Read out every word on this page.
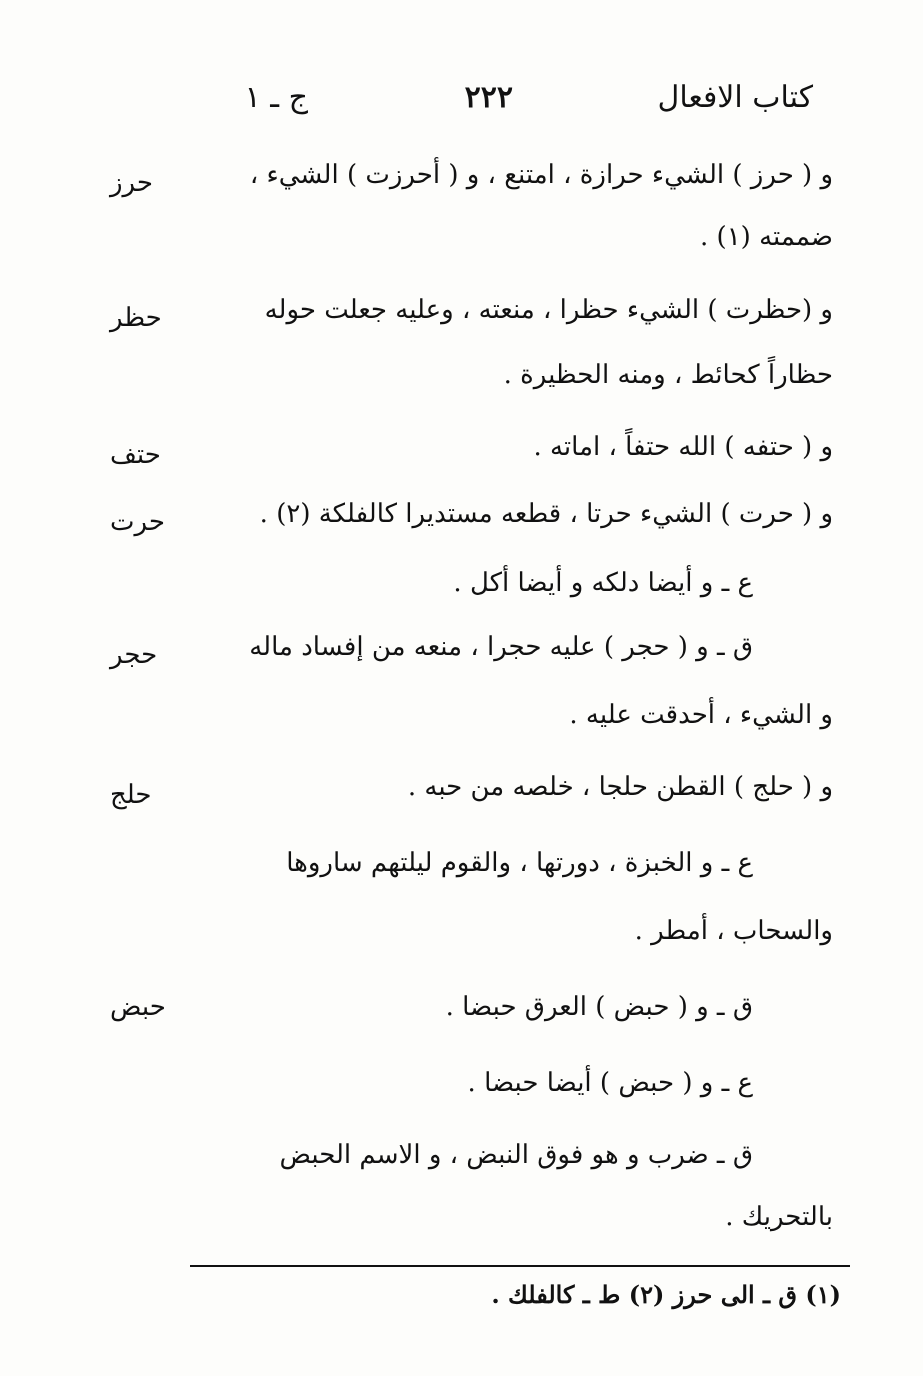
كتاب الافعال
٢٢٢
ج ـ ١
حرز	و ( حرز ) الشيء حرازة ، امتنع ، و ( أحرزت ) الشيء ،
ضممته (١) .
حظر	و (حظرت ) الشيء حظرا ، منعته ، وعليه جعلت حوله
حظاراً كحائط ، ومنه الحظيرة .
حتف	و ( حتفه ) الله حتفاً ، اماته .
حرت	و ( حرت ) الشيء حرتا ، قطعه مستديرا كالفلكة (٢) .
ع ـ و أيضا دلكه و أيضا أكل .
حجر	ق ـ و ( حجر ) عليه حجرا ، منعه من إفساد ماله
و الشيء ، أحدقت عليه .
حلج	و ( حلج ) القطن حلجا ، خلصه من حبه .
ع ـ و الخبزة ، دورتها ، والقوم ليلتهم ساروها
والسحاب ، أمطر .
حبض	ق ـ و ( حبض ) العرق حبضا .
ع ـ و ( حبض ) أيضا حبضا .
ق ـ ضرب و هو فوق النبض ، و الاسم الحبض
بالتحريك .
(١) ق ـ الى حرز (٢) ط ـ كالفلك .
